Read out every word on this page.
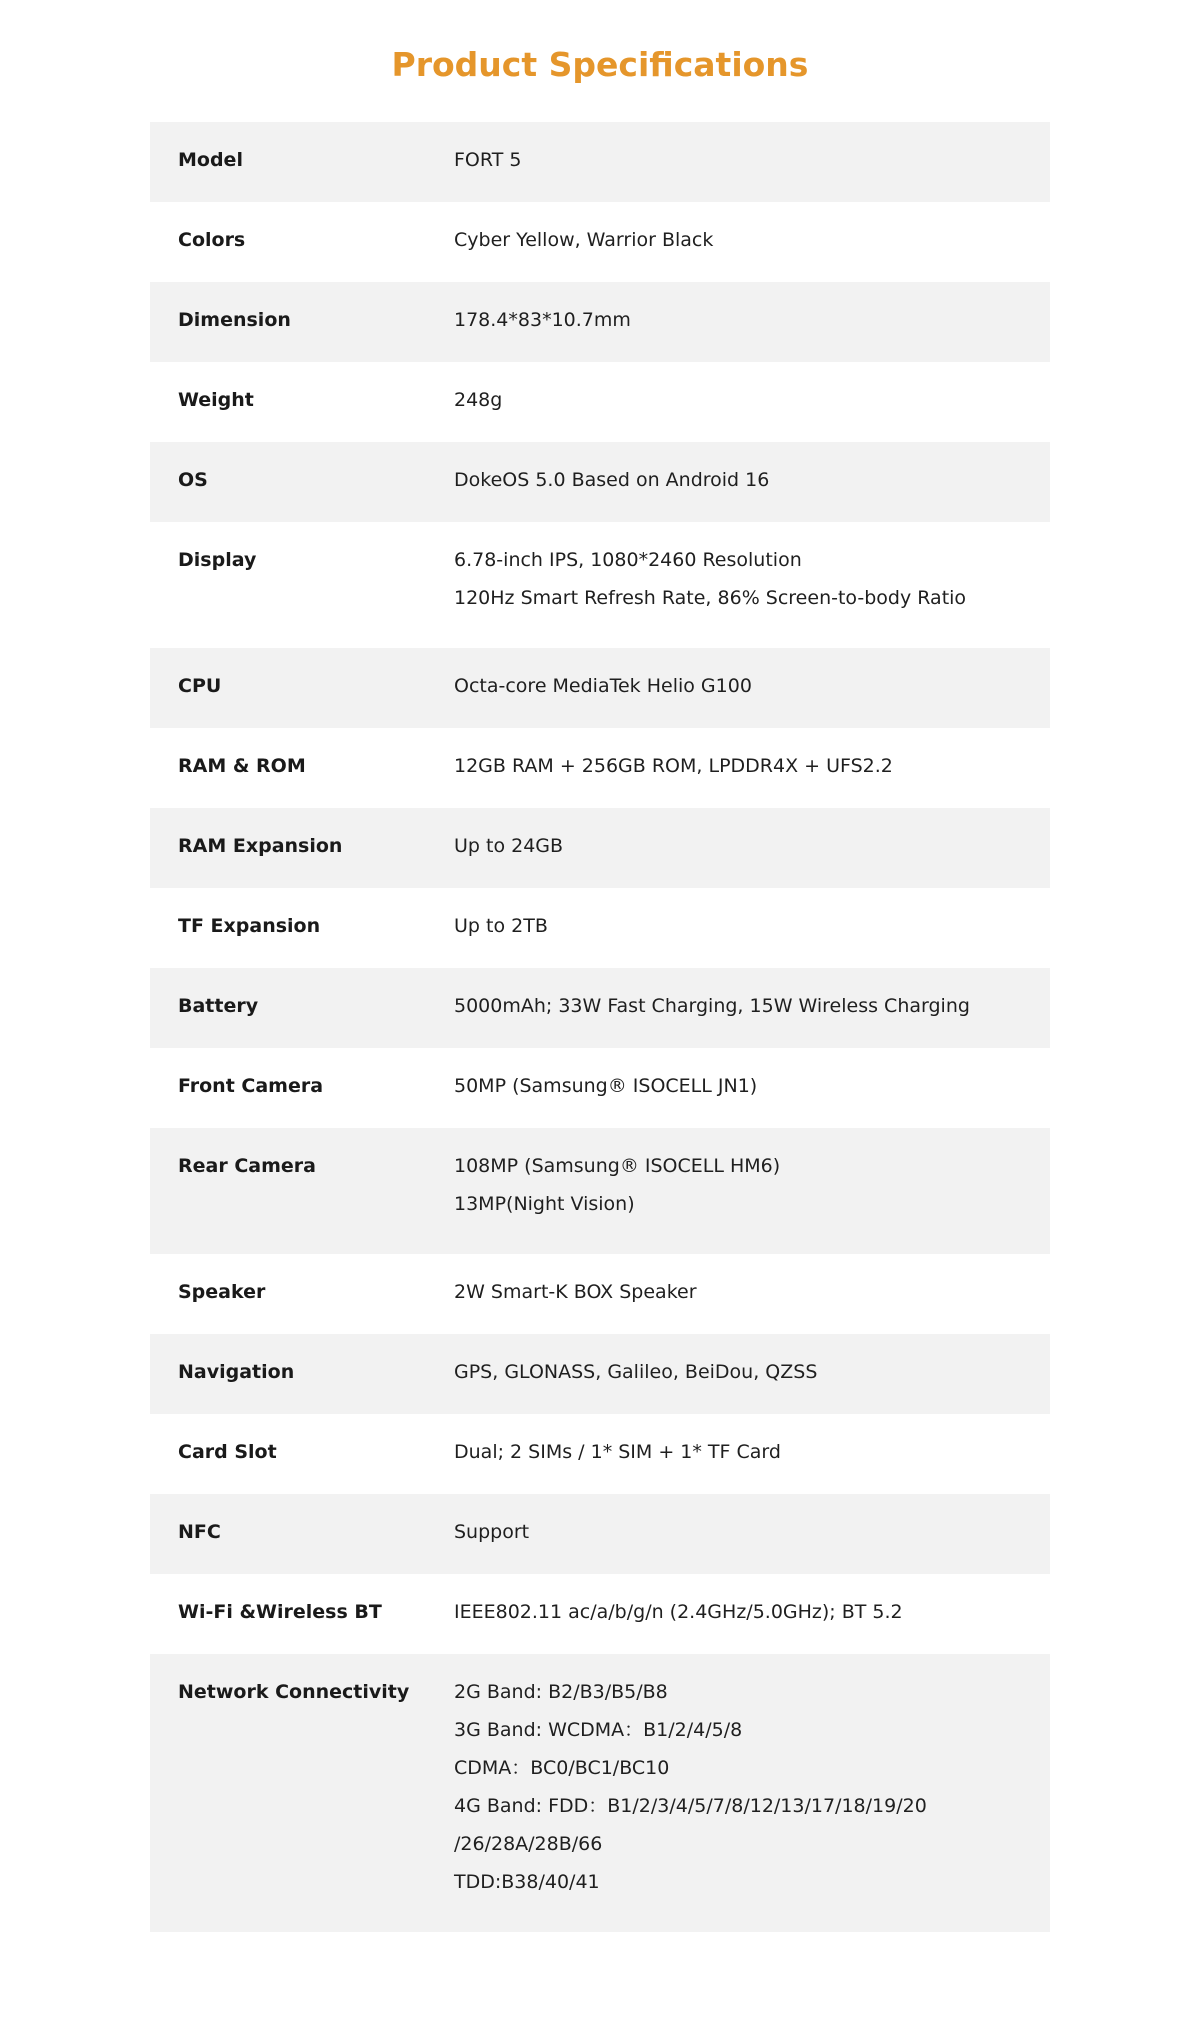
Product Specifications
Model	FORT 5
Colors	Cyber Yellow, Warrior Black
Dimension	178.4*83*10.7mm
Weight	248g
OS	DokeOS 5.0 Based on Android 16
Display	6.78-inch IPS, 1080*2460 Resolution
120Hz Smart Refresh Rate, 86% Screen-to-body Ratio
CPU	Octa-core MediaTek Helio G100
RAM & ROM	12GB RAM + 256GB ROM, LPDDR4X + UFS2.2
RAM Expansion	Up to 24GB
TF Expansion	Up to 2TB
Battery	5000mAh; 33W Fast Charging, 15W Wireless Charging
Front Camera	50MP (Samsung® ISOCELL JN1)
Rear Camera	108MP (Samsung® ISOCELL HM6)
13MP(Night Vision)
Speaker	2W Smart-K BOX Speaker
Navigation	GPS, GLONASS, Galileo, BeiDou, QZSS
Card Slot	Dual; 2 SIMs / 1* SIM + 1* TF Card
NFC	Support
Wi-Fi &Wireless BT	IEEE802.11 ac/a/b/g/n (2.4GHz/5.0GHz); BT 5.2
Network Connectivity	2G Band: B2/B3/B5/B8
3G Band: WCDMA：B1/2/4/5/8
CDMA：BC0/BC1/BC10
4G Band: FDD：B1/2/3/4/5/7/8/12/13/17/18/19/20
/26/28A/28B/66
TDD:B38/40/41
